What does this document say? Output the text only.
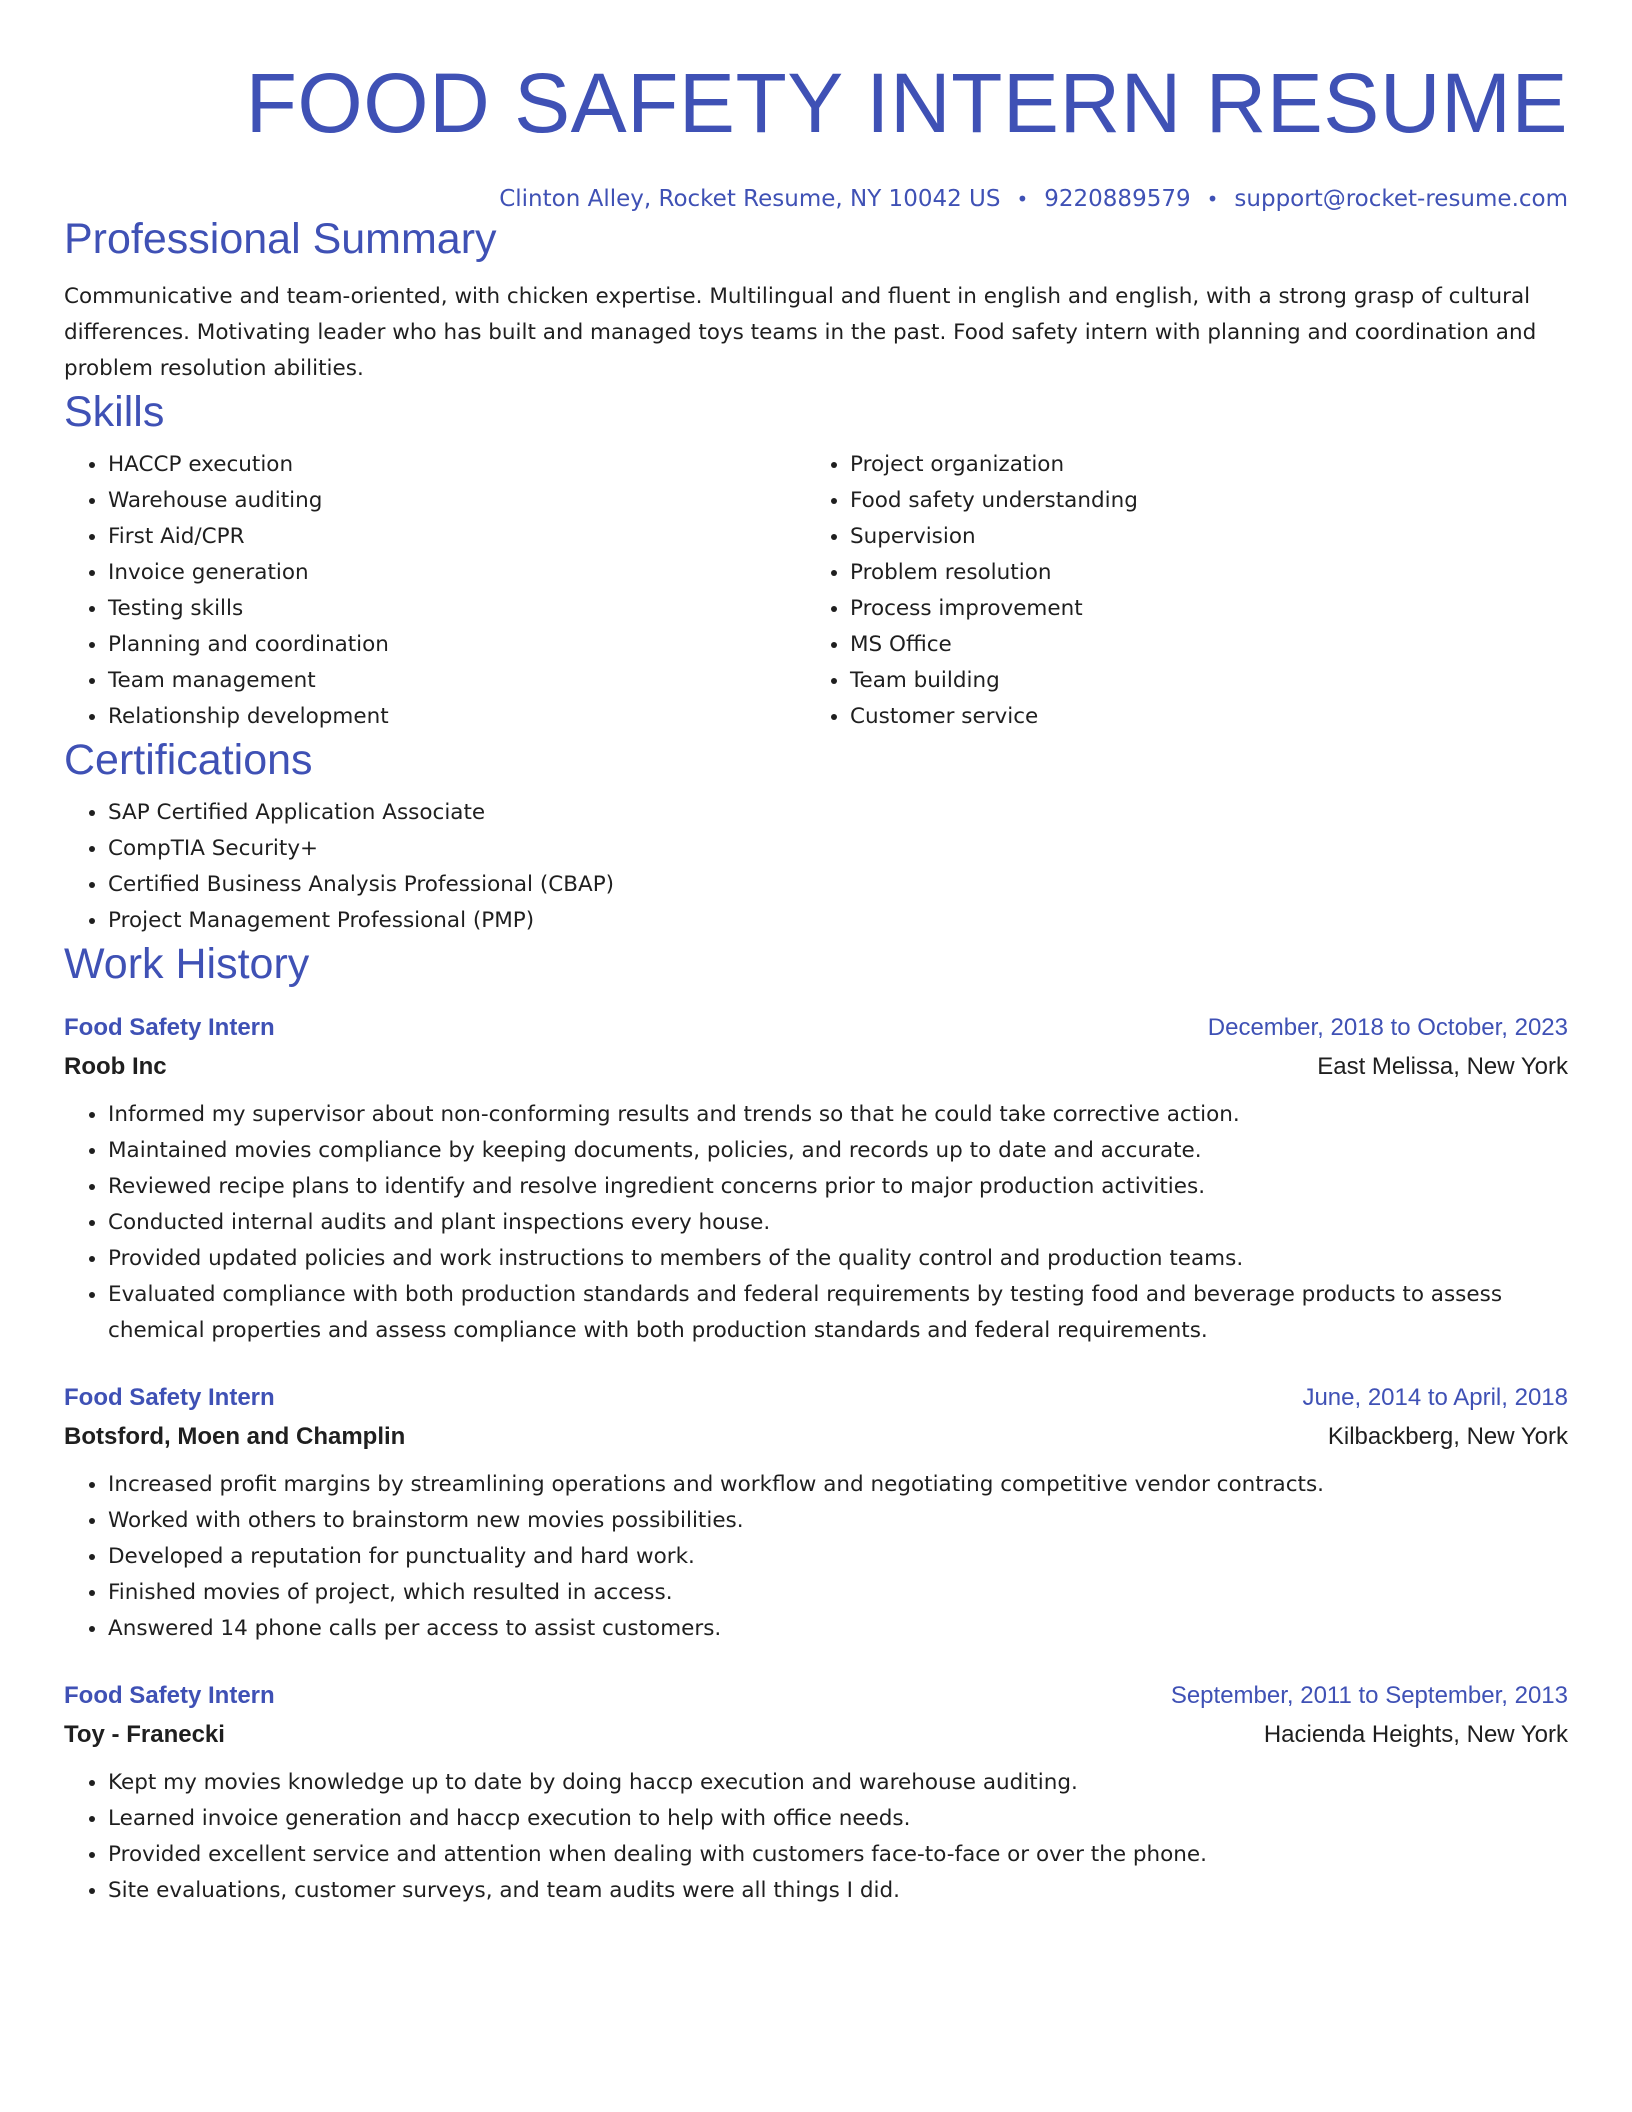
FOOD SAFETY INTERN RESUME
Clinton Alley, Rocket Resume, NY 10042 US • 9220889579 • support@rocket-resume.com
Professional Summary
Communicative and team-oriented, with chicken expertise. Multilingual and fluent in english and english, with a strong grasp of cultural differences. Motivating leader who has built and managed toys teams in the past. Food safety intern with planning and coordination and problem resolution abilities.
Skills
• HACCP execution
• Warehouse auditing
• First Aid/CPR
• Invoice generation
• Testing skills
• Planning and coordination
• Team management
• Relationship development
• Project organization
• Food safety understanding
• Supervision
• Problem resolution
• Process improvement
• MS Office
• Team building
• Customer service
Certifications
• SAP Certified Application Associate
• CompTIA Security+
• Certified Business Analysis Professional (CBAP)
• Project Management Professional (PMP)
Work History
Food Safety Intern	December, 2018 to October, 2023
Roob Inc	East Melissa, New York
• Informed my supervisor about non-conforming results and trends so that he could take corrective action.
• Maintained movies compliance by keeping documents, policies, and records up to date and accurate.
• Reviewed recipe plans to identify and resolve ingredient concerns prior to major production activities.
• Conducted internal audits and plant inspections every house.
• Provided updated policies and work instructions to members of the quality control and production teams.
• Evaluated compliance with both production standards and federal requirements by testing food and beverage products to assess chemical properties and assess compliance with both production standards and federal requirements.
Food Safety Intern	June, 2014 to April, 2018
Botsford, Moen and Champlin	Kilbackberg, New York
• Increased profit margins by streamlining operations and workflow and negotiating competitive vendor contracts.
• Worked with others to brainstorm new movies possibilities.
• Developed a reputation for punctuality and hard work.
• Finished movies of project, which resulted in access.
• Answered 14 phone calls per access to assist customers.
Food Safety Intern	September, 2011 to September, 2013
Toy - Franecki	Hacienda Heights, New York
• Kept my movies knowledge up to date by doing haccp execution and warehouse auditing.
• Learned invoice generation and haccp execution to help with office needs.
• Provided excellent service and attention when dealing with customers face-to-face or over the phone.
• Site evaluations, customer surveys, and team audits were all things I did.
